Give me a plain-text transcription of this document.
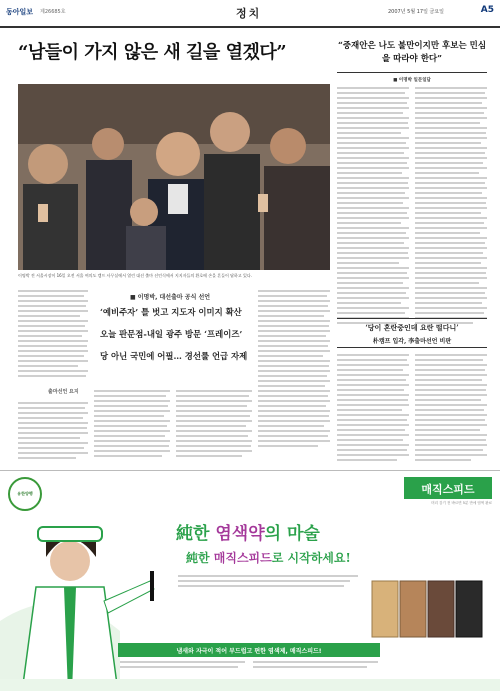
동아일보 제26685호	정치	2007년 5월 17일 금요일	A5
“남들이 가지 않은 새 길을 열겠다”
이명박 전 서울시장이 16일 오전 서울 여의도 캠프 사무실에서 열린 대선 출마 선언식에서 지지자들의 환호에 손을 흔들어 답하고 있다.
■ 이명박, 대선출마 공식 선언
‘예비주자’ 틀 벗고 지도자 이미지 확산
오늘 판문점-내일 광주 방문 ‘프레이즈’
당 아닌 국민에 어필… 경선룰 언급 자제
출마선언 요지
“중재안은 나도 불만이지만 후보는 민심을 따라야 한다”
■ 이명박 일문일답
‘당이 혼란중인데 요란 떨다니’
朴캠프 입각, 李출마선언 비판
유한양행	매직스피드
머리 감기 전 바르면 5분 만에 염색 완료
純한 염색약의 마술
純한 매직스피드로 시작하세요!
냄새와 자극이 적어 부드럽고 편한 염색제, 매직스피드!
